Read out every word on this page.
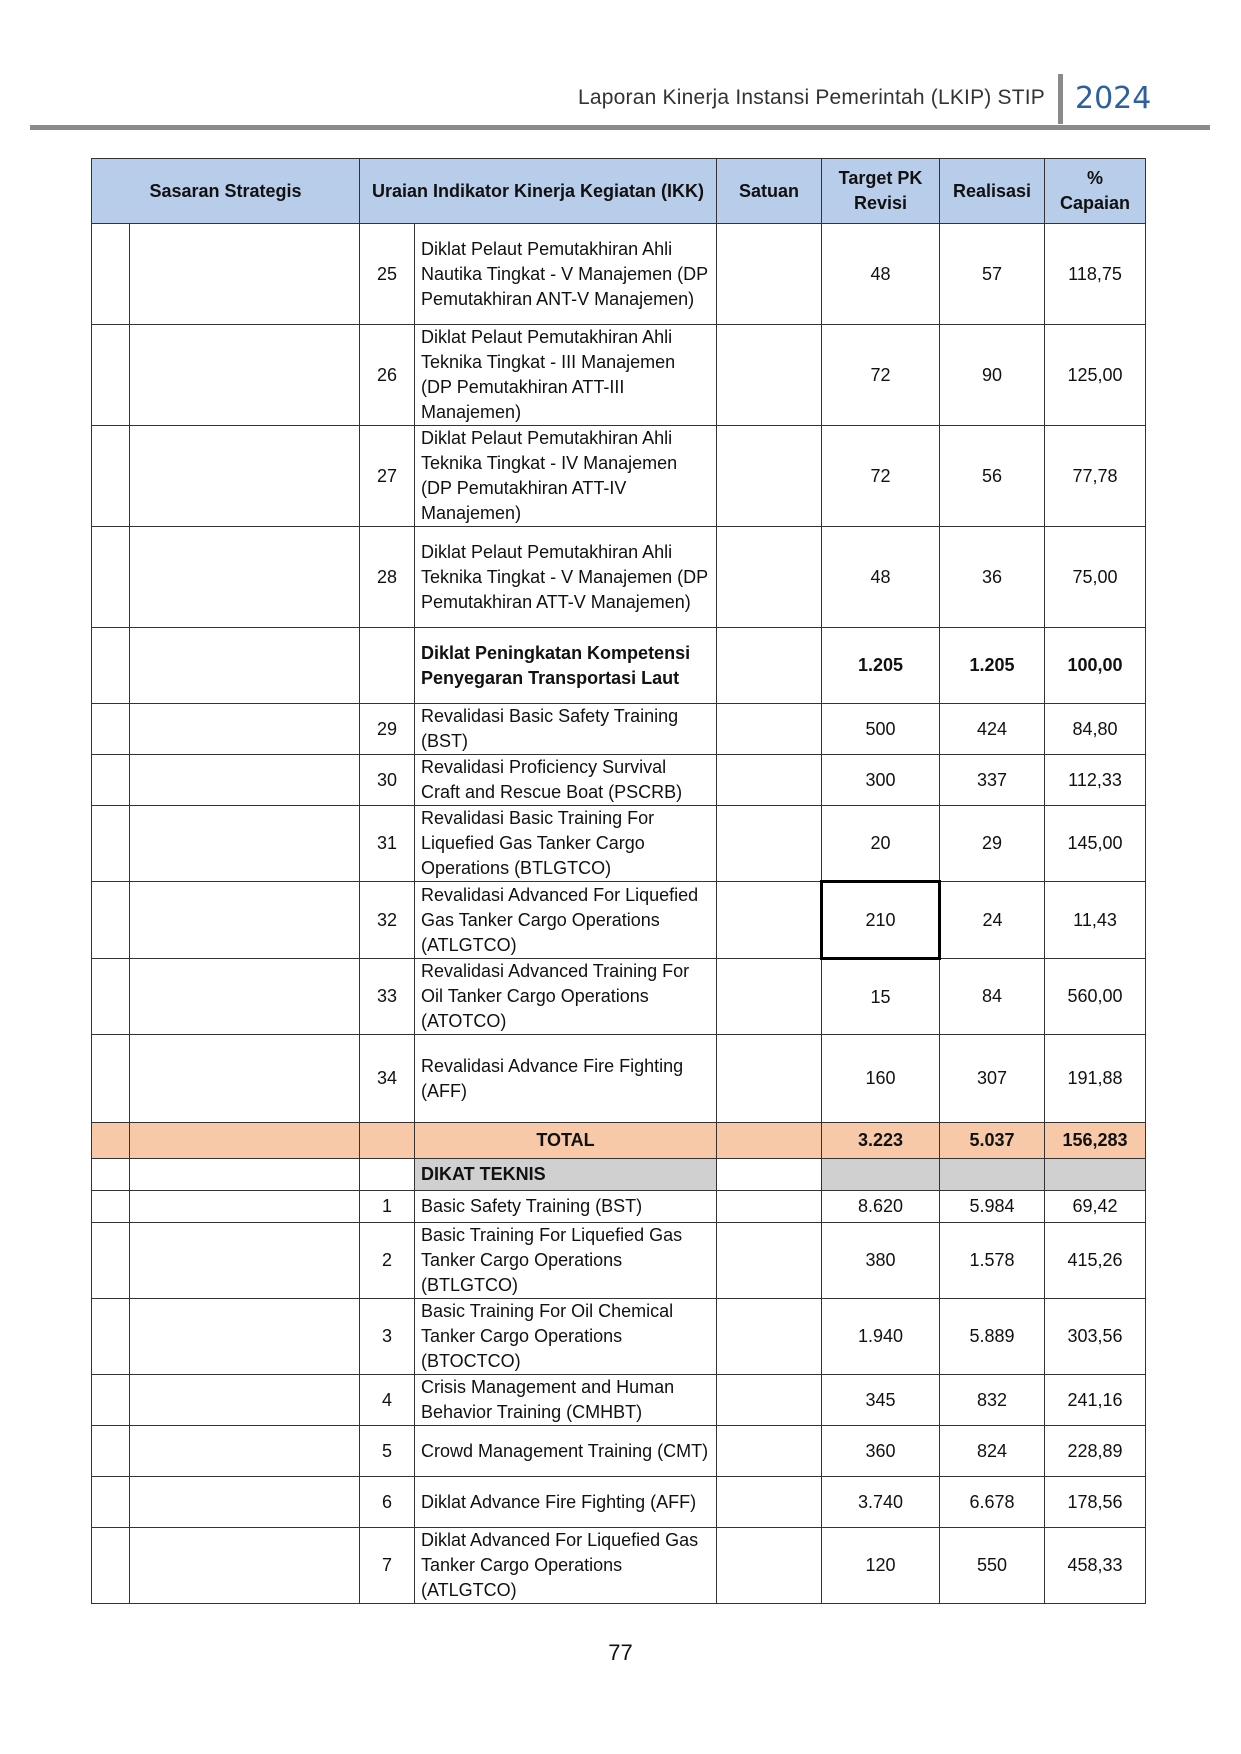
Laporan Kinerja Instansi Pemerintah (LKIP) STIP 2024
Sasaran Strategis		Uraian Indikator Kinerja Kegiatan (IKK)		Satuan	Target PK Revisi	Realisasi	% Capaian
		25	Diklat Pelaut Pemutakhiran Ahli Nautika Tingkat - V Manajemen (DP Pemutakhiran ANT-V Manajemen)		48	57	118,75
		26	Diklat Pelaut Pemutakhiran Ahli Teknika Tingkat - III Manajemen (DP Pemutakhiran ATT-III Manajemen)		72	90	125,00
		27	Diklat Pelaut Pemutakhiran Ahli Teknika Tingkat - IV Manajemen (DP Pemutakhiran ATT-IV Manajemen)		72	56	77,78
		28	Diklat Pelaut Pemutakhiran Ahli Teknika Tingkat - V Manajemen (DP Pemutakhiran ATT-V Manajemen)		48	36	75,00
			Diklat Peningkatan Kompetensi Penyegaran Transportasi Laut		1.205	1.205	100,00
		29	Revalidasi Basic Safety Training (BST)		500	424	84,80
		30	Revalidasi Proficiency Survival Craft and Rescue Boat (PSCRB)		300	337	112,33
		31	Revalidasi Basic Training For Liquefied Gas Tanker Cargo Operations (BTLGTCO)		20	29	145,00
		32	Revalidasi Advanced For Liquefied Gas Tanker Cargo Operations (ATLGTCO)		210	24	11,43
		33	Revalidasi Advanced Training For Oil Tanker Cargo Operations (ATOTCO)		15	84	560,00
		34	Revalidasi Advance Fire Fighting (AFF)		160	307	191,88
			TOTAL		3.223	5.037	156,283
			DIKAT TEKNIS				
		1	Basic Safety Training (BST)		8.620	5.984	69,42
		2	Basic Training For Liquefied Gas Tanker Cargo Operations (BTLGTCO)		380	1.578	415,26
		3	Basic Training For Oil Chemical Tanker Cargo Operations (BTOCTCO)		1.940	5.889	303,56
		4	Crisis Management and Human Behavior Training (CMHBT)		345	832	241,16
		5	Crowd Management Training (CMT)		360	824	228,89
		6	Diklat Advance Fire Fighting (AFF)		3.740	6.678	178,56
		7	Diklat Advanced For Liquefied Gas Tanker Cargo Operations (ATLGTCO)		120	550	458,33
77
